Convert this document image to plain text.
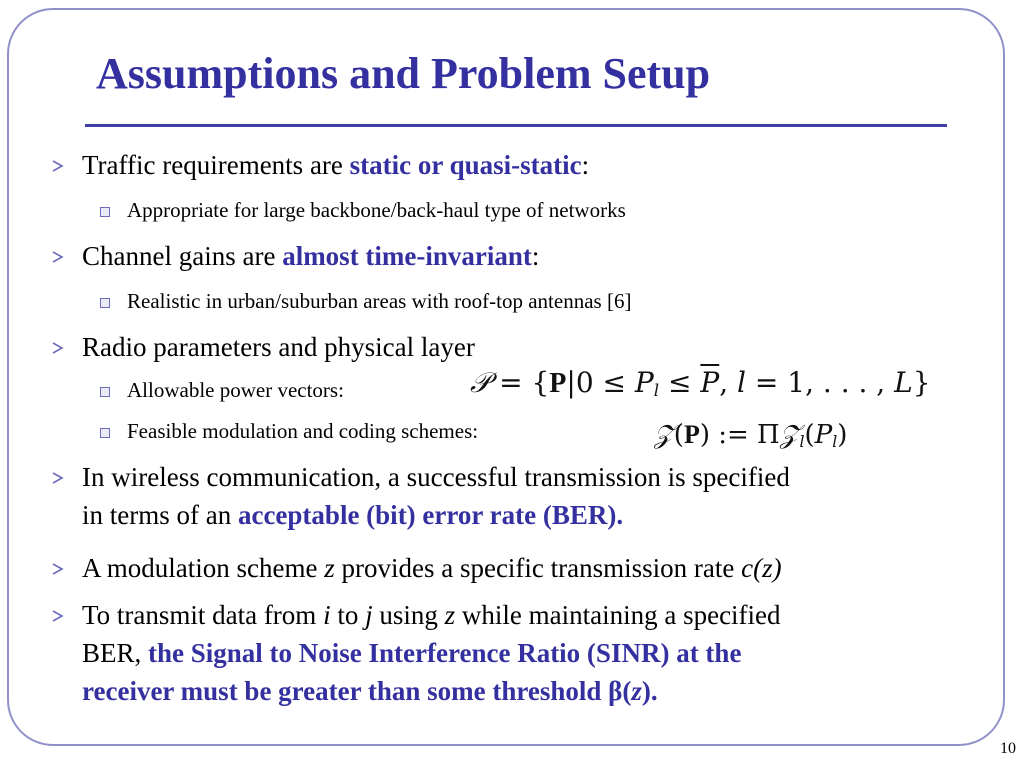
Assumptions and Problem Setup
Traffic requirements are static or quasi-static:
Appropriate for large backbone/back-haul type of networks
Channel gains are almost time-invariant:
Realistic in urban/suburban areas with roof-top antennas [6]
Radio parameters and physical layer
Allowable power vectors:
Feasible modulation and coding schemes:
𝒫 = {$P|0 \le P_l \le \overline{P}$, l = 1, . . . , L}
𝒵(P) := $\Pi 𝒵_l(P_l)$
In wireless communication, a successful transmission is specified
in terms of an acceptable (bit) error rate (BER).
A modulation scheme z provides a specific transmission rate c(z)
To transmit data from i to j using z while maintaining a specified
BER, the Signal to Noise Interference Ratio (SINR) at the
receiver must be greater than some threshold β(z).
10
